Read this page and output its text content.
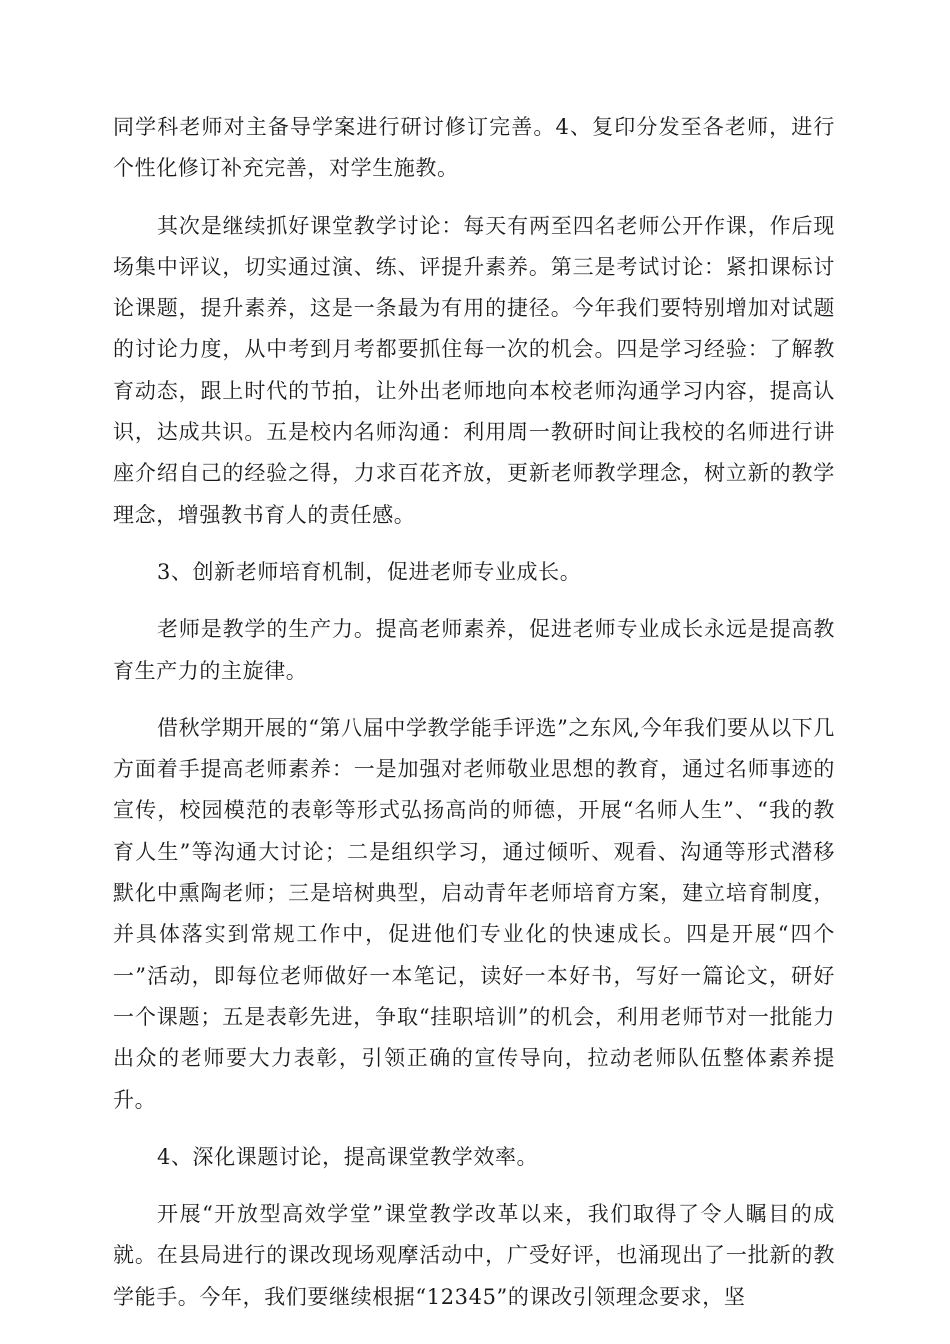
同学科老师对主备导学案进行研讨修订完善。4、复印分发至各老师，进行个性化修订补充完善，对学生施教。

其次是继续抓好课堂教学讨论：每天有两至四名老师公开作课，作后现场集中评议，切实通过演、练、评提升素养。第三是考试讨论：紧扣课标讨论课题，提升素养，这是一条最为有用的捷径。今年我们要特别增加对试题的讨论力度，从中考到月考都要抓住每一次的机会。四是学习经验：了解教育动态，跟上时代的节拍，让外出老师地向本校老师沟通学习内容，提高认识，达成共识。五是校内名师沟通：利用周一教研时间让我校的名师进行讲座介绍自己的经验之得，力求百花齐放，更新老师教学理念，树立新的教学理念，增强教书育人的责任感。

3、创新老师培育机制，促进老师专业成长。

老师是教学的生产力。提高老师素养，促进老师专业成长永远是提高教育生产力的主旋律。

借秋学期开展的“第八届中学教学能手评选”之东风,今年我们要从以下几方面着手提高老师素养：一是加强对老师敬业思想的教育，通过名师事迹的宣传，校园模范的表彰等形式弘扬高尚的师德，开展“名师人生”、“我的教育人生”等沟通大讨论；二是组织学习，通过倾听、观看、沟通等形式潜移默化中熏陶老师；三是培树典型，启动青年老师培育方案，建立培育制度，并具体落实到常规工作中，促进他们专业化的快速成长。四是开展“四个一”活动，即每位老师做好一本笔记，读好一本好书，写好一篇论文，研好一个课题；五是表彰先进，争取“挂职培训”的机会，利用老师节对一批能力出众的老师要大力表彰，引领正确的宣传导向，拉动老师队伍整体素养提升。

4、深化课题讨论，提高课堂教学效率。

开展“开放型高效学堂”课堂教学改革以来，我们取得了令人瞩目的成就。在县局进行的课改现场观摩活动中，广受好评，也涌现出了一批新的教学能手。今年，我们要继续根据“12345”的课改引领理念要求，坚
